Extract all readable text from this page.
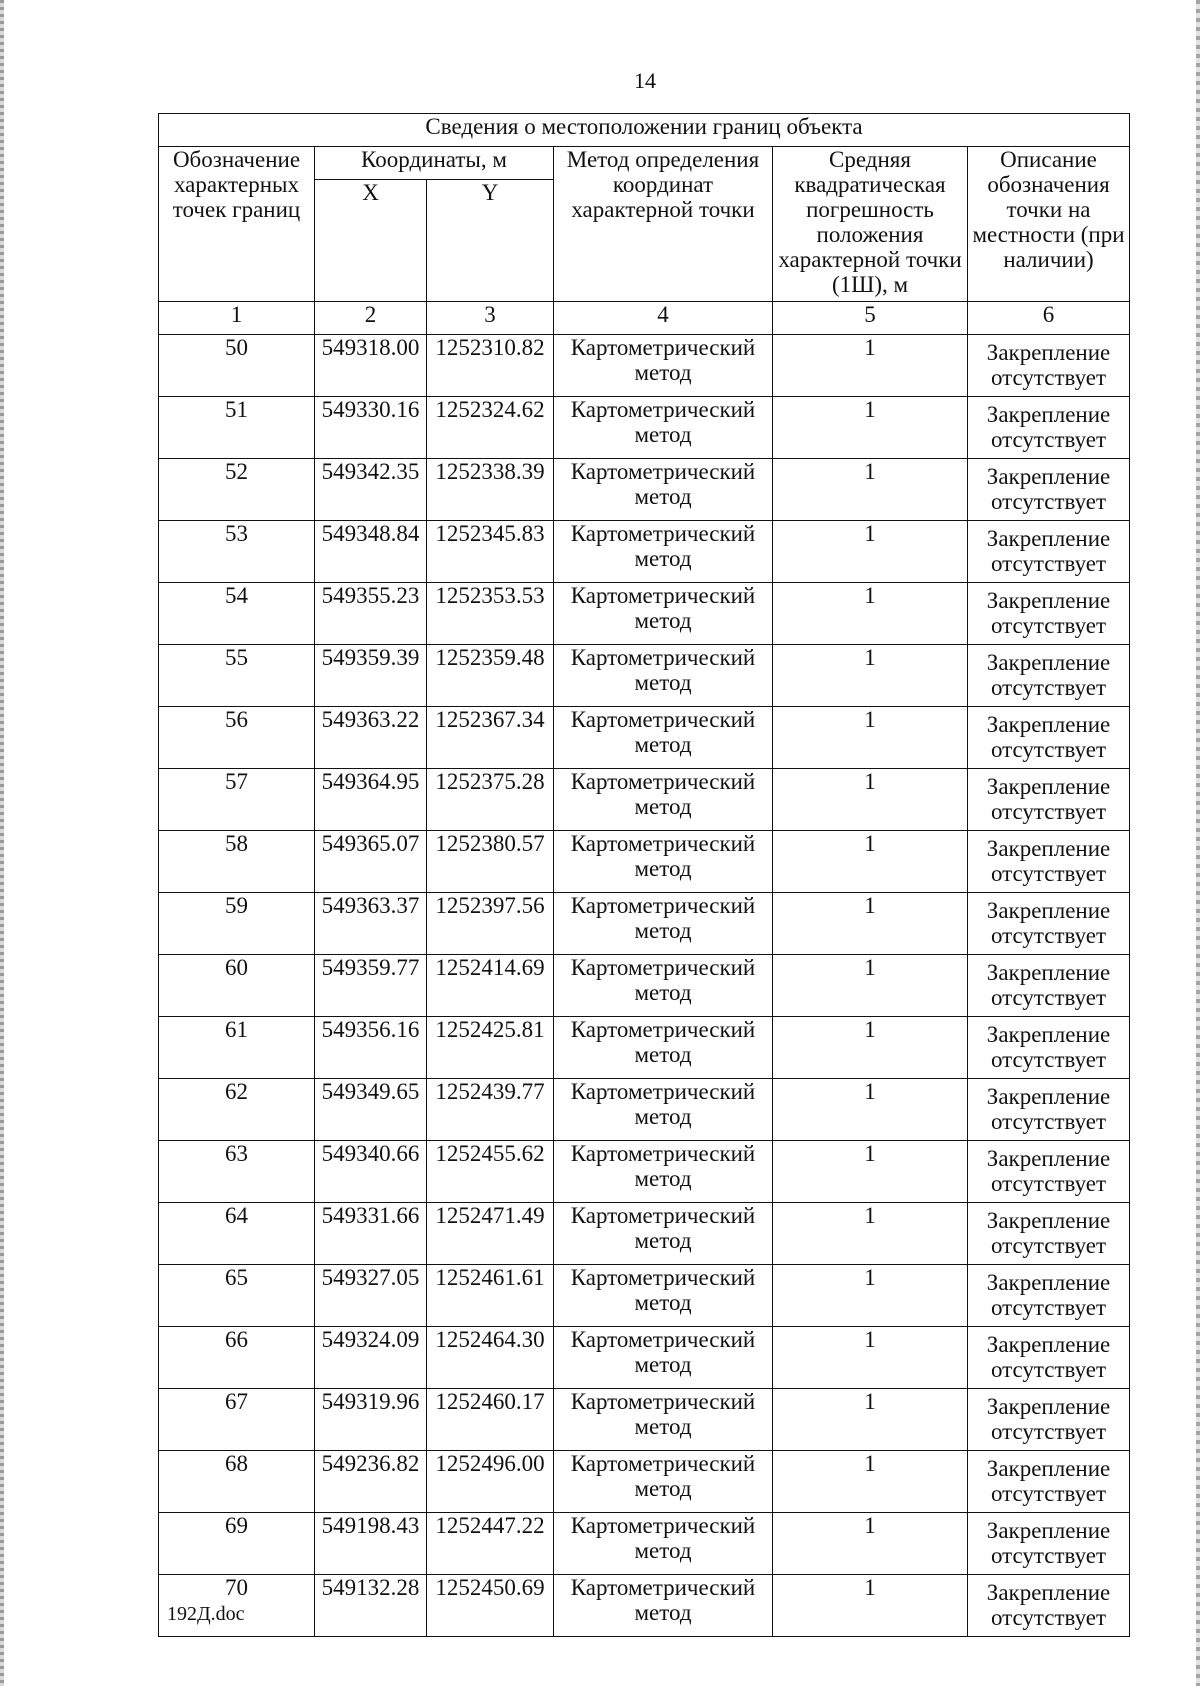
14
Сведения о местоположении границ объекта					
Обозначение характерных точек границ	Координаты, м		Метод определения координат характерной точки	Средняя квадратическая погрешность положения характерной точки (1Ш), м	Описание обозначения точки на местности (при наличии)
	X	Y			
1	2	3	4	5	6
50	549318.00	1252310.82	Картометрический метод	1	Закрепление отсутствует
51	549330.16	1252324.62	Картометрический метод	1	Закрепление отсутствует
52	549342.35	1252338.39	Картометрический метод	1	Закрепление отсутствует
53	549348.84	1252345.83	Картометрический метод	1	Закрепление отсутствует
54	549355.23	1252353.53	Картометрический метод	1	Закрепление отсутствует
55	549359.39	1252359.48	Картометрический метод	1	Закрепление отсутствует
56	549363.22	1252367.34	Картометрический метод	1	Закрепление отсутствует
57	549364.95	1252375.28	Картометрический метод	1	Закрепление отсутствует
58	549365.07	1252380.57	Картометрический метод	1	Закрепление отсутствует
59	549363.37	1252397.56	Картометрический метод	1	Закрепление отсутствует
60	549359.77	1252414.69	Картометрический метод	1	Закрепление отсутствует
61	549356.16	1252425.81	Картометрический метод	1	Закрепление отсутствует
62	549349.65	1252439.77	Картометрический метод	1	Закрепление отсутствует
63	549340.66	1252455.62	Картометрический метод	1	Закрепление отсутствует
64	549331.66	1252471.49	Картометрический метод	1	Закрепление отсутствует
65	549327.05	1252461.61	Картометрический метод	1	Закрепление отсутствует
66	549324.09	1252464.30	Картометрический метод	1	Закрепление отсутствует
67	549319.96	1252460.17	Картометрический метод	1	Закрепление отсутствует
68	549236.82	1252496.00	Картометрический метод	1	Закрепление отсутствует
69	549198.43	1252447.22	Картометрический метод	1	Закрепление отсутствует
70	549132.28	1252450.69	Картометрический метод	1	Закрепление отсутствует
192Д.doc
